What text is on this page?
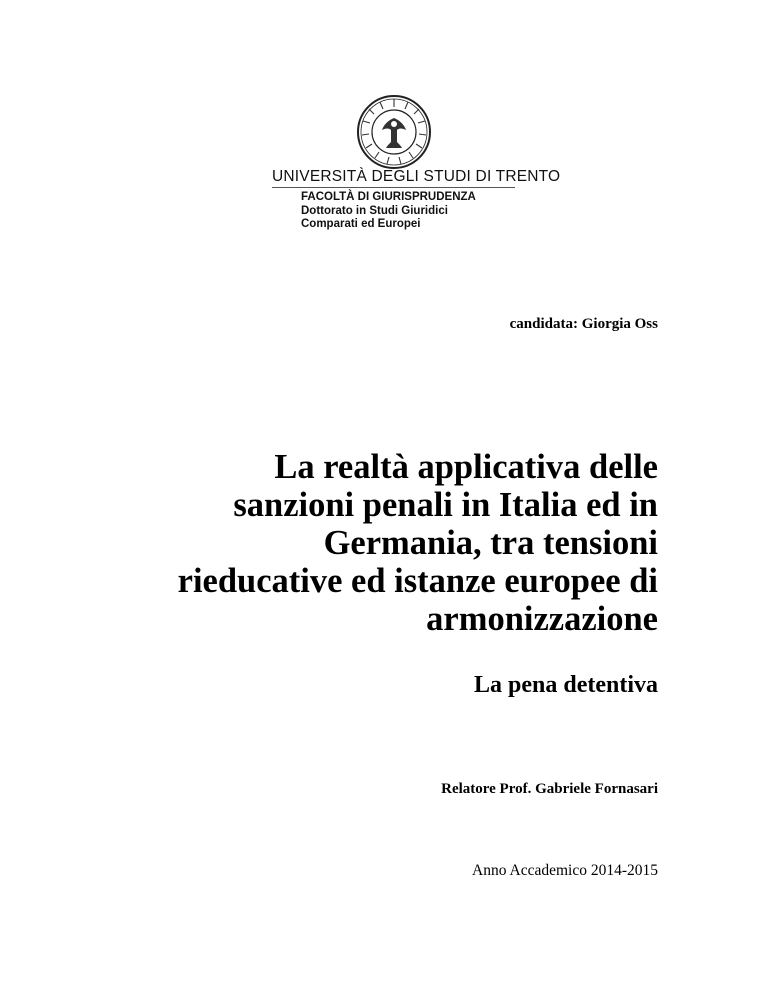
UNIVERSITÀ DEGLI STUDI DI TRENTO
FACOLTÀ DI GIURISPRUDENZA
Dottorato in Studi Giuridici
Comparati ed Europei
candidata: Giorgia Oss
La realtà applicativa delle
sanzioni penali in Italia ed in
Germania, tra tensioni
rieducative ed istanze europee di
armonizzazione
La pena detentiva
Relatore Prof. Gabriele Fornasari
Anno Accademico 2014-2015
